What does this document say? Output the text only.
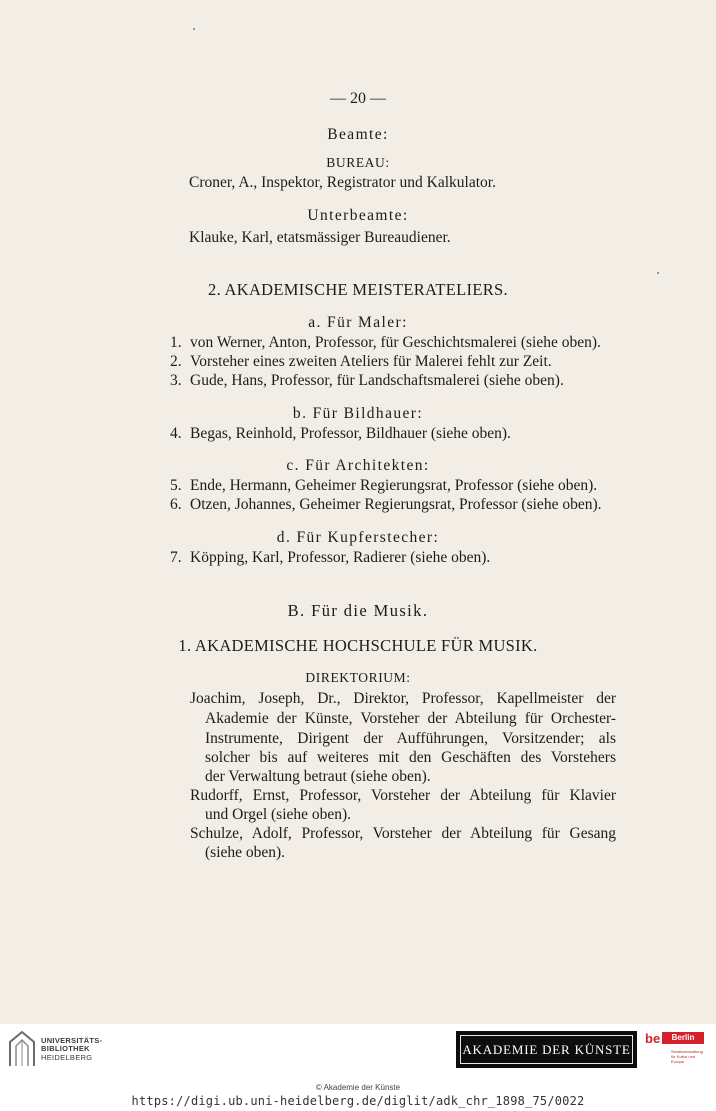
— 20 —
Beamte:
BUREAU:
Croner, A., Inspektor, Registrator und Kalkulator.
Unterbeamte:
Klauke, Karl, etatsmässiger Bureaudiener.
2. AKADEMISCHE MEISTERATELIERS.
a. Für Maler:
1. von Werner, Anton, Professor, für Geschichtsmalerei (siehe oben).
2. Vorsteher eines zweiten Ateliers für Malerei fehlt zur Zeit.
3. Gude, Hans, Professor, für Landschaftsmalerei (siehe oben).
b. Für Bildhauer:
4. Begas, Reinhold, Professor, Bildhauer (siehe oben).
c. Für Architekten:
5. Ende, Hermann, Geheimer Regierungsrat, Professor (siehe oben).
6. Otzen, Johannes, Geheimer Regierungsrat, Professor (siehe oben).
d. Für Kupferstecher:
7. Köpping, Karl, Professor, Radierer (siehe oben).
B. Für die Musik.
1. AKADEMISCHE HOCHSCHULE FÜR MUSIK.
DIREKTORIUM:
Joachim, Joseph, Dr., Direktor, Professor, Kapellmeister der
Akademie der Künste, Vorsteher der Abteilung für Orchester-
Instrumente, Dirigent der Aufführungen, Vorsitzender; als
solcher bis auf weiteres mit den Geschäften des Vorstehers
der Verwaltung betraut (siehe oben).
Rudorff, Ernst, Professor, Vorsteher der Abteilung für Klavier
und Orgel (siehe oben).
Schulze, Adolf, Professor, Vorsteher der Abteilung für Gesang
(siehe oben).
UNIVERSITÄTS-
BIBLIOTHEK
HEIDELBERG
AKADEMIE DER KÜNSTE
be	Berlin
Senatsverwaltung für Kultur und Europa
© Akademie der Künste
https://digi.ub.uni-heidelberg.de/diglit/adk_chr_1898_75/0022
